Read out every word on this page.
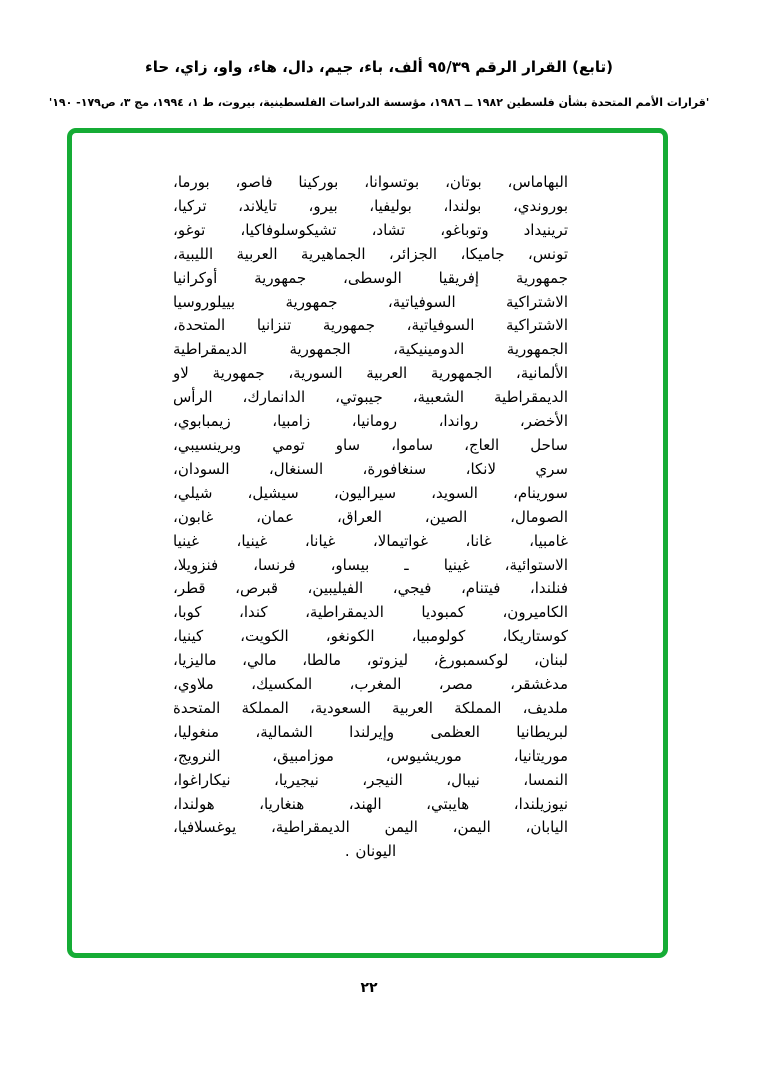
(تابع) القرار الرقم ٩٥/٣٩ ألف، باء، جيم، دال، هاء، واو، زاي، حاء
'قرارات الأمم المتحدة بشأن فلسطين ١٩٨٢ ــ ١٩٨٦، مؤسسة الدراسات الفلسطينية، بيروت، ط ١، ١٩٩٤، مج ٣، ص١٧٩- ١٩٠'
البهاماس، بوتان، بوتسوانا، بوركينا فاصو، بورما،
بوروندي، بولندا، بوليفيا، بيرو، تايلاند، تركيا،
ترينيداد وتوباغو، تشاد، تشيكوسلوفاكيا، توغو،
تونس، جاميكا، الجزائر، الجماهيرية العربية الليبية،
جمهورية إفريقيا الوسطى، جمهورية أوكرانيا
الاشتراكية السوفياتية، جمهورية بييلوروسيا
الاشتراكية السوفياتية، جمهورية تنزانيا المتحدة،
الجمهورية الدومينيكية، الجمهورية الديمقراطية
الألمانية، الجمهورية العربية السورية، جمهورية لاو
الديمقراطية الشعبية، جيبوتي، الدانمارك، الرأس
الأخضر، رواندا، رومانيا، زامبيا، زيمبابوي،
ساحل العاج، ساموا، ساو تومي وبرينسيبي،
سري لانكا، سنغافورة، السنغال، السودان،
سورينام، السويد، سيراليون، سيشيل، شيلي،
الصومال، الصين، العراق، عمان، غابون،
غامبيا، غانا، غواتيمالا، غيانا، غينيا، غينيا
الاستوائية، غينيا ـ بيساو، فرنسا، فنزويلا،
فنلندا، فيتنام، فيجي، الفيليبين، قبرص، قطر،
الكاميرون، كمبوديا الديمقراطية، كندا، كوبا،
كوستاريكا، كولومبيا، الكونغو، الكويت، كينيا،
لبنان، لوكسمبورغ، ليزوتو، مالطا، مالي، ماليزيا،
مدغشقر، مصر، المغرب، المكسيك، ملاوي،
ملديف، المملكة العربية السعودية، المملكة المتحدة
لبريطانيا العظمى وإيرلندا الشمالية، منغوليا،
موريتانيا، موريشيوس، موزامبيق، النرويج،
النمسا، نيبال، النيجر، نيجيريا، نيكاراغوا،
نيوزيلندا، هايبتي، الهند، هنغاريا، هولندا،
اليابان، اليمن، اليمن الديمقراطية، يوغسلافيا،
اليونان .
٢٢
